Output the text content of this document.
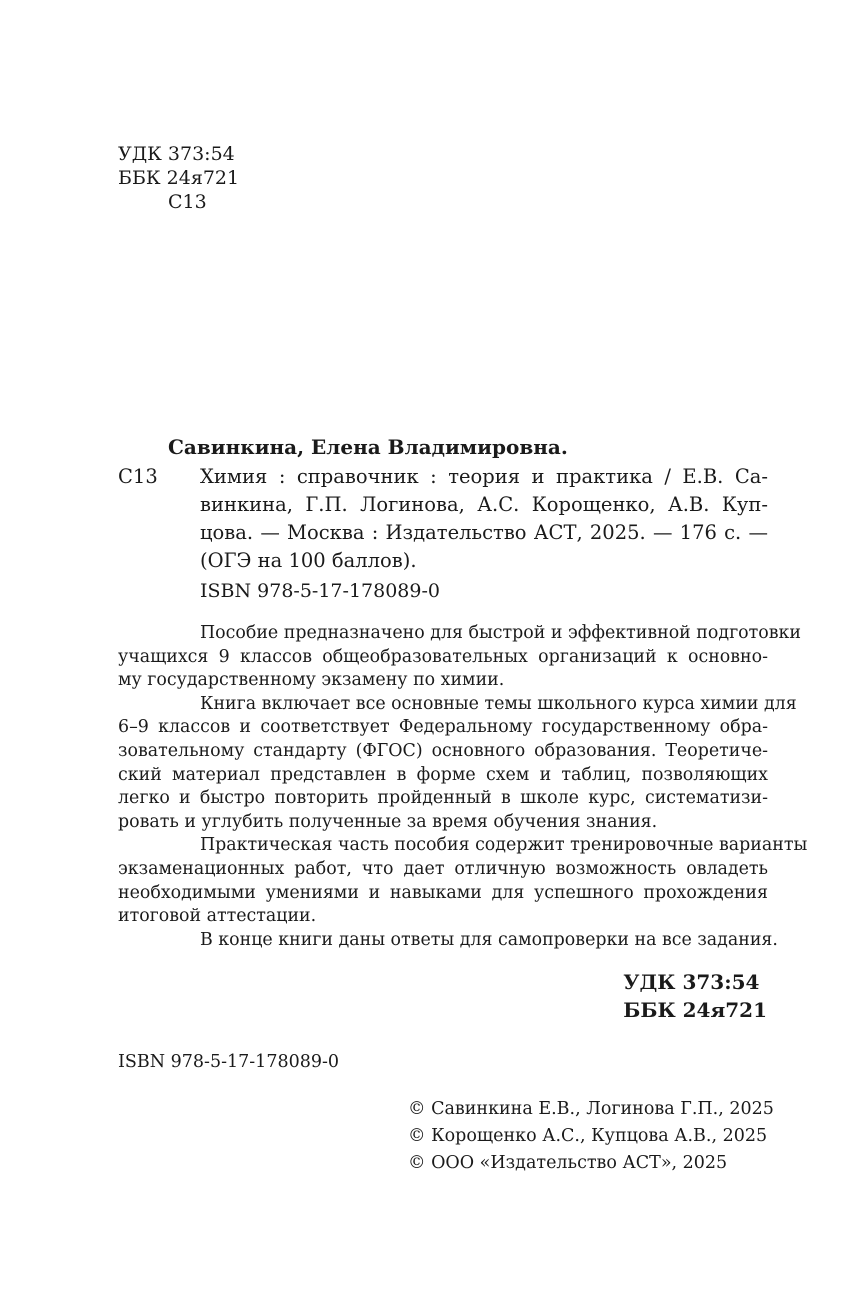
УДК 373:54
ББК 24я721
С13
Савинкина, Елена Владимировна.
С13 Химия : справочник : теория и практика / Е.В. Са-
винкина, Г.П. Логинова, А.С. Корощенко, А.В. Куп-
цова. — Москва : Издательство АСТ, 2025. — 176 с. —
(ОГЭ на 100 баллов).
ISBN 978-5-17-178089-0
Пособие предназначено для быстрой и эффективной подготовки
учащихся 9 классов общеобразовательных организаций к основно-
му государственному экзамену по химии.
Книга включает все основные темы школьного курса химии для
6–9 классов и соответствует Федеральному государственному обра-
зовательному стандарту (ФГОС) основного образования. Теоретиче-
ский материал представлен в форме схем и таблиц, позволяющих
легко и быстро повторить пройденный в школе курс, систематизи-
ровать и углубить полученные за время обучения знания.
Практическая часть пособия содержит тренировочные варианты
экзаменационных работ, что дает отличную возможность овладеть
необходимыми умениями и навыками для успешного прохождения
итоговой аттестации.
В конце книги даны ответы для самопроверки на все задания.
УДК 373:54
ББК 24я721
ISBN 978-5-17-178089-0
© Савинкина Е.В., Логинова Г.П., 2025
© Корощенко А.С., Купцова А.В., 2025
© ООО «Издательство АСТ», 2025
